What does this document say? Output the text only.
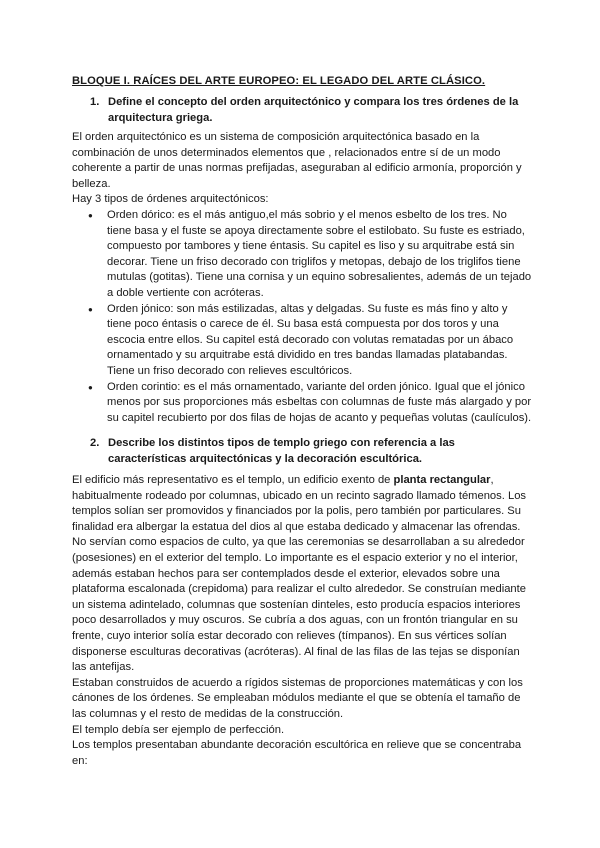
BLOQUE I. RAÍCES DEL ARTE EUROPEO: EL LEGADO DEL ARTE CLÁSICO.
1. Define el concepto del orden arquitectónico y compara los tres órdenes de la arquitectura griega.

El orden arquitectónico es un sistema de composición arquitectónica basado en la combinación de unos determinados elementos que , relacionados entre sí de un modo coherente a partir de unas normas prefijadas, aseguraban al edificio armonía, proporción y belleza.

Hay 3 tipos de órdenes arquitectónicos:

● Orden dórico: es el más antiguo,el más sobrio y el menos esbelto de los tres. No tiene basa y el fuste se apoya directamente sobre el estilobato. Su fuste es estriado, compuesto por tambores y tiene éntasis. Su capitel es liso y su arquitrabe está sin decorar. Tiene un friso decorado con triglifos y metopas, debajo de los triglifos tiene mutulas (gotitas). Tiene una cornisa y un equino sobresalientes, además de un tejado a doble vertiente con acróteras.
● Orden jónico: son más estilizadas, altas y delgadas. Su fuste es más fino y alto y tiene poco éntasis o carece de él. Su basa está compuesta por dos toros y una escocia entre ellos. Su capitel está decorado con volutas rematadas por un ábaco ornamentado y su arquitrabe está dividido en tres bandas llamadas platabandas. Tiene un friso decorado con relieves escultóricos.
● Orden corintio: es el más ornamentado, variante del orden jónico. Igual que el jónico menos por sus proporciones más esbeltas con columnas de fuste más alargado y por su capitel recubierto por dos filas de hojas de acanto y pequeñas volutas (caulículos).
2. Describe los distintos tipos de templo griego con referencia a las características arquitectónicas y la decoración escultórica.

El edificio más representativo es el templo, un edificio exento de planta rectangular, habitualmente rodeado por columnas, ubicado en un recinto sagrado llamado témenos. Los templos solían ser promovidos y financiados por la polis, pero también por particulares. Su finalidad era albergar la estatua del dios al que estaba dedicado y almacenar las ofrendas.

No servían como espacios de culto, ya que las ceremonias se desarrollaban a su alrededor (posesiones) en el exterior del templo. Lo importante es el espacio exterior y no el interior, además estaban hechos para ser contemplados desde el exterior, elevados sobre una plataforma escalonada (crepidoma) para realizar el culto alrededor. Se construían mediante un sistema adintelado, columnas que sostenían dinteles, esto producía espacios interiores poco desarrollados y muy oscuros. Se cubría a dos aguas, con un frontón triangular en su frente, cuyo interior solía estar decorado con relieves (tímpanos). En sus vértices solían disponerse esculturas decorativas (acróteras). Al final de las filas de las tejas se disponían las antefijas.

Estaban construidos de acuerdo a rígidos sistemas de proporciones matemáticas y con los cánones de los órdenes. Se empleaban módulos mediante el que se obtenía el tamaño de las columnas y el resto de medidas de la construcción.

El templo debía ser ejemplo de perfección.

Los templos presentaban abundante decoración escultórica en relieve que se concentraba en:
